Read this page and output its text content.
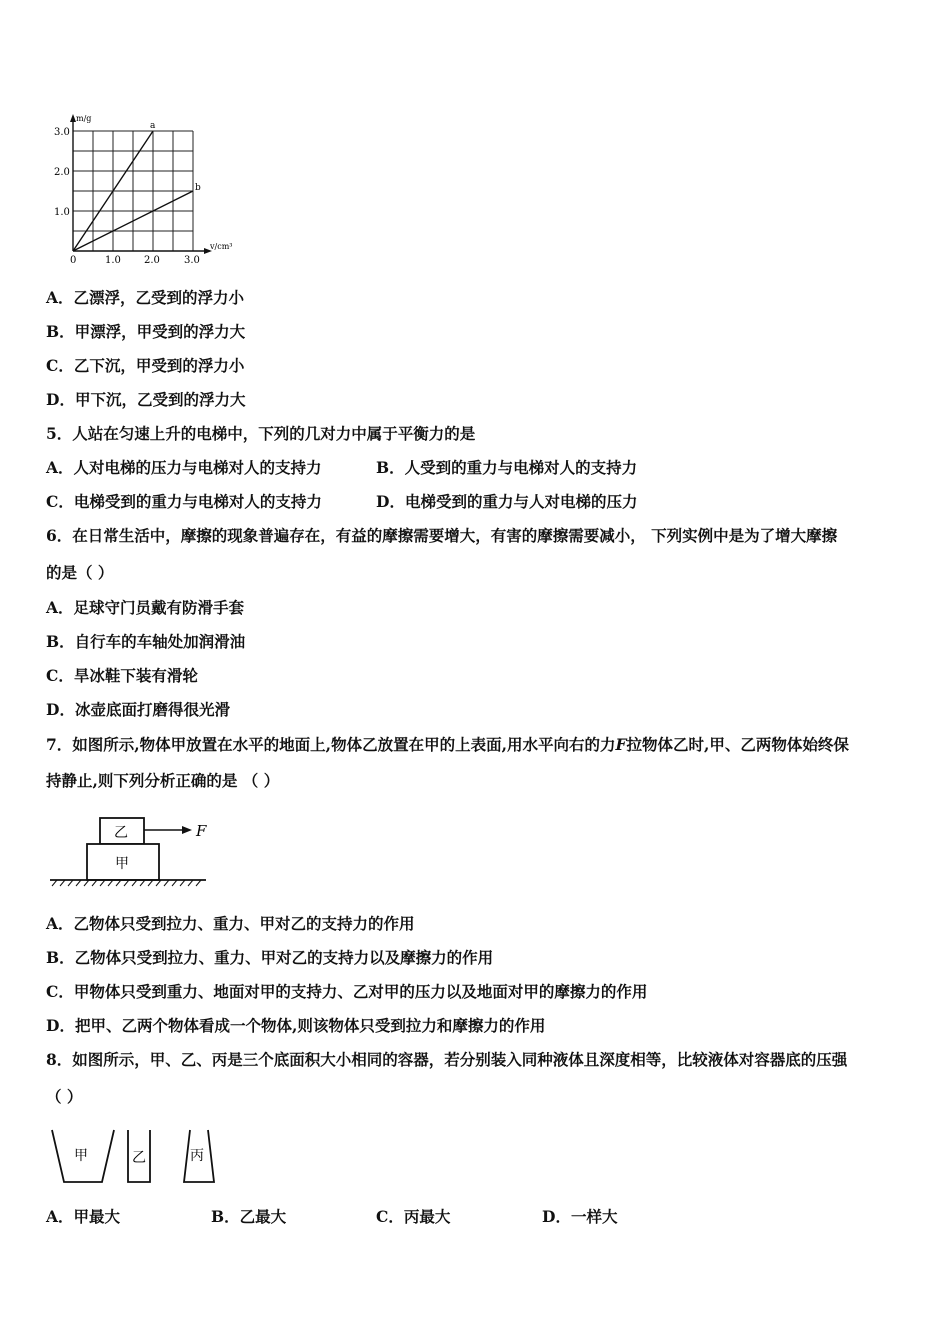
m/g
v/cm³
3.0
2.0
1.0
0	1.0 2.0 3.0
a
b
A．乙漂浮，乙受到的浮力小
B．甲漂浮，甲受到的浮力大
C．乙下沉，甲受到的浮力小
D．甲下沉，乙受到的浮力大
5．人站在匀速上升的电梯中，下列的几对力中属于平衡力的是
A．人对电梯的压力与电梯对人的支持力	B．人受到的重力与电梯对人的支持力
C．电梯受到的重力与电梯对人的支持力	D．电梯受到的重力与人对电梯的压力
6．在日常生活中，摩擦的现象普遍存在，有益的摩擦需要增大，有害的摩擦需要减小， 下列实例中是为了增大摩擦
的是（ ）
A．足球守门员戴有防滑手套
B．自行车的车轴处加润滑油
C．旱冰鞋下装有滑轮
D．冰壶底面打磨得很光滑
7．如图所示,物体甲放置在水平的地面上,物体乙放置在甲的上表面,用水平向右的力F拉物体乙时,甲、乙两物体始终保
持静止,则下列分析正确的是 （ ）
乙
甲
F
A．乙物体只受到拉力、重力、甲对乙的支持力的作用
B．乙物体只受到拉力、重力、甲对乙的支持力以及摩擦力的作用
C．甲物体只受到重力、地面对甲的支持力、乙对甲的压力以及地面对甲的摩擦力的作用
D．把甲、乙两个物体看成一个物体,则该物体只受到拉力和摩擦力的作用
8．如图所示，甲、乙、丙是三个底面积大小相同的容器，若分别装入同种液体且深度相等，比较液体对容器底的压强
（ ）
甲	乙	丙
A．甲最大	B．乙最大	C．丙最大	D．一样大
